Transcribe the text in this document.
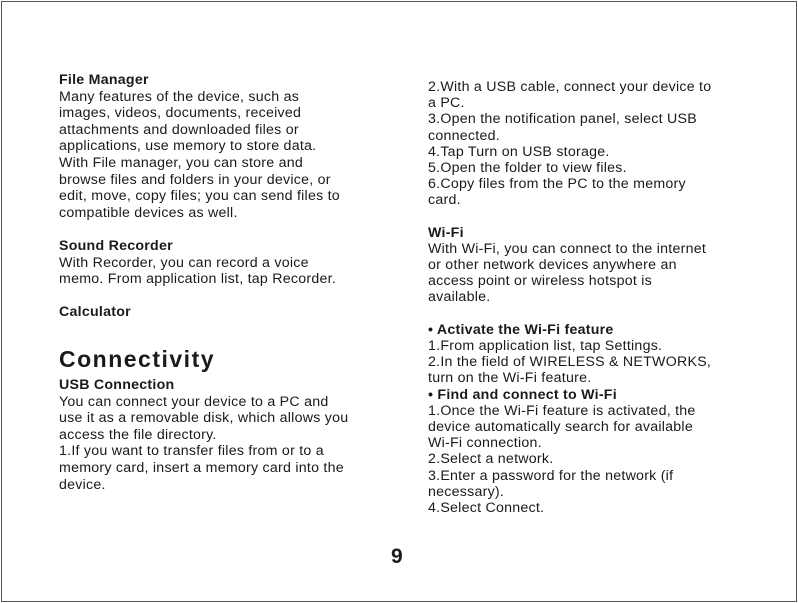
File Manager
Many features of the device, such as
images, videos, documents, received
attachments and downloaded files or
applications, use memory to store data.
With File manager, you can store and
browse files and folders in your device, or
edit, move, copy files; you can send files to
compatible devices as well.
Sound Recorder
With Recorder, you can record a voice
memo. From application list, tap Recorder.
Calculator
Connectivity
USB Connection
You can connect your device to a PC and
use it as a removable disk, which allows you
access the file directory.
1.If you want to transfer files from or to a
memory card, insert a memory card into the
device.
2.With a USB cable, connect your device to
a PC.
3.Open the notification panel, select USB
connected.
4.Tap Turn on USB storage.
5.Open the folder to view files.
6.Copy files from the PC to the memory
card.
Wi-Fi
With Wi-Fi, you can connect to the internet
or other network devices anywhere an
access point or wireless hotspot is
available.
• Activate the Wi-Fi feature
1.From application list, tap Settings.
2.In the field of WIRELESS & NETWORKS,
turn on the Wi-Fi feature.
• Find and connect to Wi-Fi
1.Once the Wi-Fi feature is activated, the
device automatically search for available
Wi-Fi connection.
2.Select a network.
3.Enter a password for the network (if
necessary).
4.Select Connect.
9
